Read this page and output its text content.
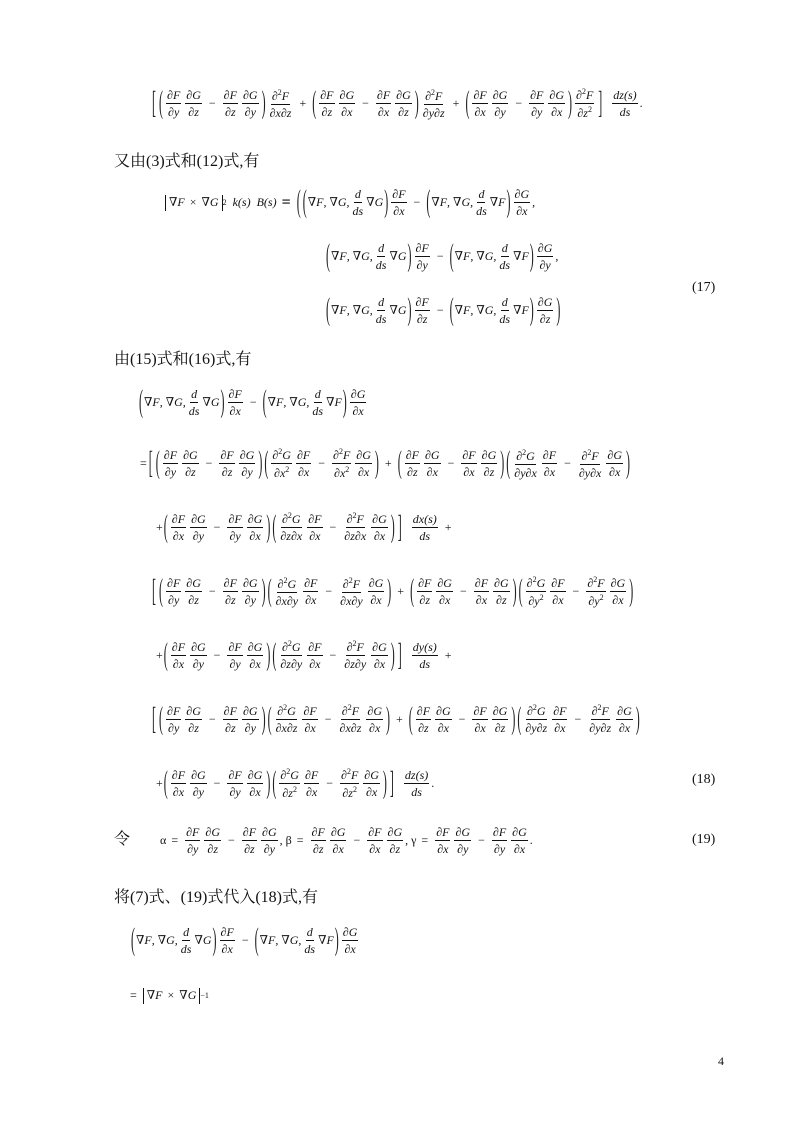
[ ( ∂F
∂y
∂G
∂z
− $\frac{\partial F}{\partial z} \partial G$
∂y ) ∂$^2$F
∂x∂z
+ ( ∂F
∂z
∂G
∂x
− $\frac{\partial F}{\partial x} \partial G$
∂z ) ∂$^2$F
∂y∂z
+ ( ∂F
∂x
∂G
∂y
− $\frac{\partial F}{\partial y} \partial G$
∂x ) ∂$^2$F
$\partial z^2$ ] dz(s)
ds
.
又由(3)式和(12)式,有
∇ F × ∇ G 2 k ( s ) B ( s ) = ( ( ∇ F , ∇ G ,
d
ds
∇ G ) ∂F
∂x
− ( ∇ F , ∇ G ,
d
ds
∇ F ) ∂G
∂x
,
( ∇ F , ∇ G ,
d
ds
∇ G ) ∂F
∂y
− ( ∇ F , ∇ G ,
d
ds
∇ F ) ∂G
∂y
,
( ∇ F , ∇ G ,
d
ds
∇ G ) ∂F
∂z
− ( ∇ F , ∇ G ,
d
ds
∇ F ) ∂G
∂z )
(17)
由(15)式和(16)式,有
( ∇ F , ∇ G ,
d
ds
∇ G ) ∂F
∂x
− ( ∇ F , ∇ G ,
d
ds
∇ F ) ∂G
∂x
= [ ( ∂F
∂y
∂G
∂z
− $\frac{\partial F}{\partial z} \partial G$
∂y ) ( ∂$^2$G
$\partial x^2$
∂F
∂x
− $\frac{\partial^2F}{\partial x^2} \partial G$
∂x ) + ( ∂F
∂z
∂G
∂x
− $\frac{\partial F}{\partial x} \partial G$
∂z ) ( ∂$^2$G
∂y∂x
∂F
∂x
− $\frac{\partial^2F}{\partial y\partial x} \partial G$
∂x )
+ ( ∂F
∂x
∂G
∂y
− $\frac{\partial F}{\partial y} \partial G$
∂x ) ( ∂$^2$G
∂z∂x
∂F
∂x
− $\frac{\partial^2F}{\partial z\partial x} \partial G$
∂x ) ] dx(s)
ds
+
[ ( ∂F
∂y
∂G
∂z
− $\frac{\partial F}{\partial z} \partial G$
∂y ) ( ∂$^2$G
∂x∂y
∂F
∂x
− $\frac{\partial^2F}{\partial x\partial y} \partial G$
∂x ) + ( ∂F
∂z
∂G
∂x
− $\frac{\partial F}{\partial x} \partial G$
∂z ) ( ∂$^2$G
$\partial y^2$
∂F
∂x
− $\frac{\partial^2F}{\partial y^2} \partial G$
∂x )
+ ( ∂F
∂x
∂G
∂y
− $\frac{\partial F}{\partial y} \partial G$
∂x ) ( ∂$^2$G
∂z∂y
∂F
∂x
− $\frac{\partial^2F}{\partial z\partial y} \partial G$
∂x ) ] dy(s)
ds
+
[ ( ∂F
∂y
∂G
∂z
− $\frac{\partial F}{\partial z} \partial G$
∂y ) ( ∂$^2$G
∂x∂z
∂F
∂x
− $\frac{\partial^2F}{\partial x\partial z} \partial G$
∂x ) + ( ∂F
∂z
∂G
∂x
− $\frac{\partial F}{\partial x} \partial G$
∂z ) ( ∂$^2$G
∂y∂z
∂F
∂x
− $\frac{\partial^2F}{\partial y\partial z} \partial G$
∂x )
+ ( ∂F
∂x
∂G
∂y
− $\frac{\partial F}{\partial y} \partial G$
∂x ) ( ∂$^2$G
$\partial z^2$
∂F
∂x
− $\frac{\partial^2F}{\partial z^2} \partial G$
∂x ) ] dz(s)
ds
.	(18)
令	$\alpha = \frac{\partial F}{\partial y} \partial G$
∂z
− $\frac{\partial F}{\partial z} \partial G$
∂y
, $\beta = \frac{\partial F}{\partial z} \partial G$
∂x
− $\frac{\partial F}{\partial x} \partial G$
∂z
, $\gamma = \frac{\partial F}{\partial x} \partial G$
∂y
− $\frac{\partial F}{\partial y} \partial G$
∂x
.	(19)
将(7)式、(19)式代入(18)式,有
( ∇ F , ∇ G ,
d
ds
∇ G ) ∂F
∂x
− ( ∇ F , ∇ G ,
d
ds
∇ F ) ∂G
∂x
= ∇ F × ∇ G −1
4
